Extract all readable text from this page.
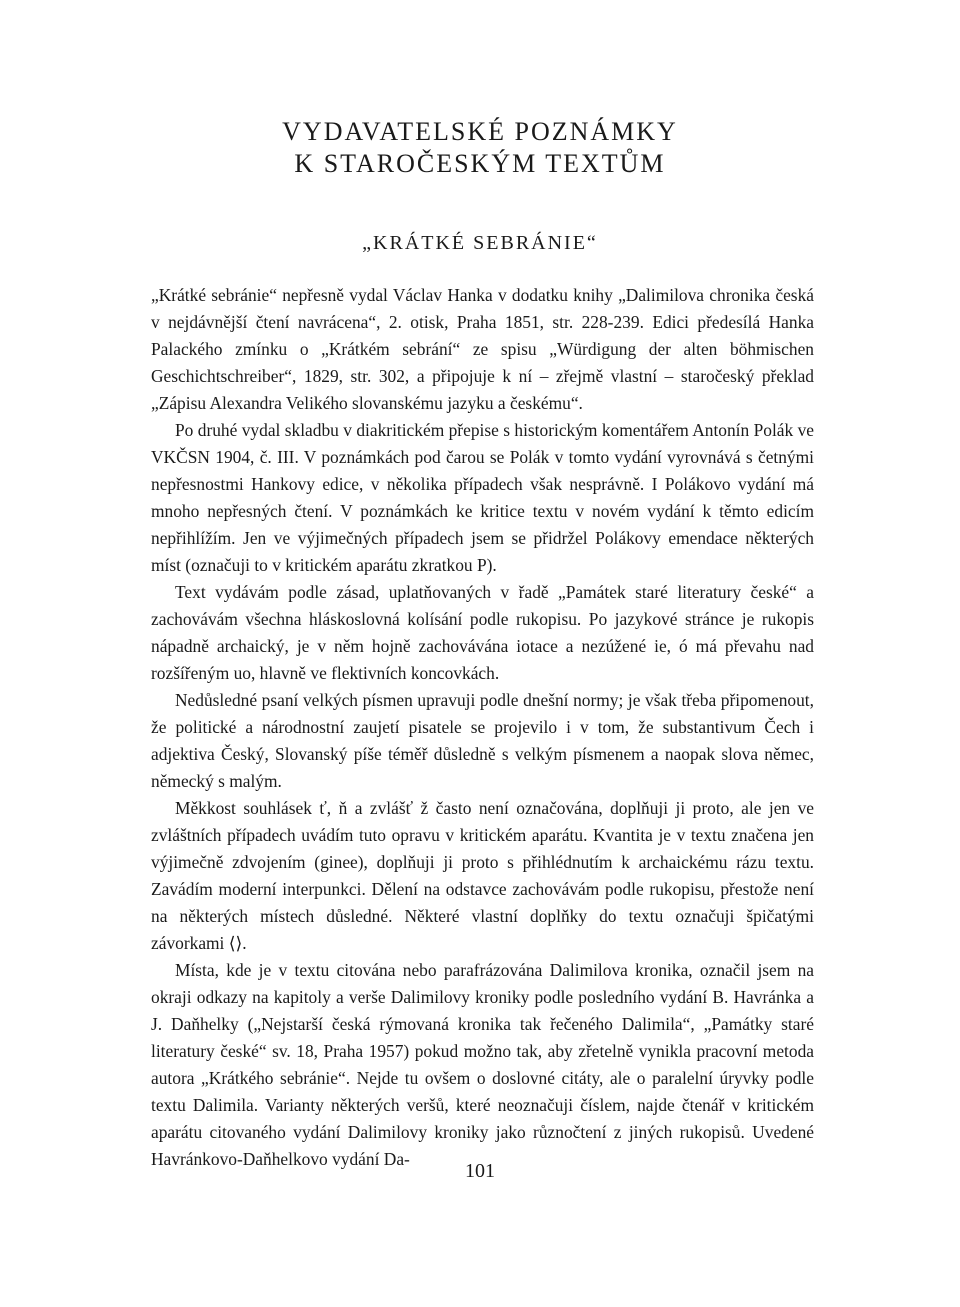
VYDAVATELSKÉ POZNÁMKY
K STAROČESKÝM TEXTŮM
„KRÁTKÉ SEBRÁNIE“

„Krátké sebránie“ nepřesně vydal Václav Hanka v dodatku knihy „Dalimilova chronika česká v nejdávnější čtení navrácena“, 2. otisk, Praha 1851, str. 228-239. Edici předesílá Hanka Palackého zmínku o „Krátkém sebrání“ ze spisu „Würdigung der alten böhmischen Geschichtschreiber“, 1829, str. 302, a připojuje k ní – zřejmě vlastní – staročeský překlad „Zápisu Alexandra Velikého slovanskému jazyku a českému“.

Po druhé vydal skladbu v diakritickém přepise s historickým komentářem Antonín Polák ve VKČSN 1904, č. III. V poznámkách pod čarou se Polák v tomto vydání vyrovnává s četnými nepřesnostmi Hankovy edice, v několika případech však nesprávně. I Polákovo vydání má mnoho nepřesných čtení. V poznámkách ke kritice textu v novém vydání k těmto edicím nepřihlížím. Jen ve výjimečných případech jsem se přidržel Polákovy emendace některých míst (označuji to v kritickém aparátu zkratkou P).

Text vydávám podle zásad, uplatňovaných v řadě „Památek staré literatury české“ a zachovávám všechna hláskoslovná kolísání podle rukopisu. Po jazykové stránce je rukopis nápadně archaický, je v něm hojně zachovávána iotace a nezúžené ie, ó má převahu nad rozšířeným uo, hlavně ve flektivních koncovkách.

Nedůsledné psaní velkých písmen upravuji podle dnešní normy; je však třeba připomenout, že politické a národnostní zaujetí pisatele se projevilo i v tom, že substantivum Čech i adjektiva Český, Slovanský píše téměř důsledně s velkým písmenem a naopak slova němec, německý s malým.

Měkkost souhlásek ť, ň a zvlášť ž často není označována, doplňuji ji proto, ale jen ve zvláštních případech uvádím tuto opravu v kritickém aparátu. Kvantita je v textu značena jen výjimečně zdvojením (ginee), doplňuji ji proto s přihlédnutím k archaickému rázu textu. Zavádím moderní interpunkci. Dělení na odstavce zachovávám podle rukopisu, přestože není na některých místech důsledné. Některé vlastní doplňky do textu označuji špičatými závorkami ⟨⟩.

Místa, kde je v textu citována nebo parafrázována Dalimilova kronika, označil jsem na okraji odkazy na kapitoly a verše Dalimilovy kroniky podle posledního vydání B. Havránka a J. Daňhelky („Nejstarší česká rýmovaná kronika tak řečeného Dalimila“, „Památky staré literatury české“ sv. 18, Praha 1957) pokud možno tak, aby zřetelně vynikla pracovní metoda autora „Krátkého sebránie“. Nejde tu ovšem o doslovné citáty, ale o paralelní úryvky podle textu Dalimila. Varianty některých veršů, které neoznačuji číslem, najde čtenář v kritickém aparátu citovaného vydání Dalimilovy kroniky jako různočtení z jiných rukopisů. Uvedené Havránkovo-Daňhelkovo vydání Da-

101
